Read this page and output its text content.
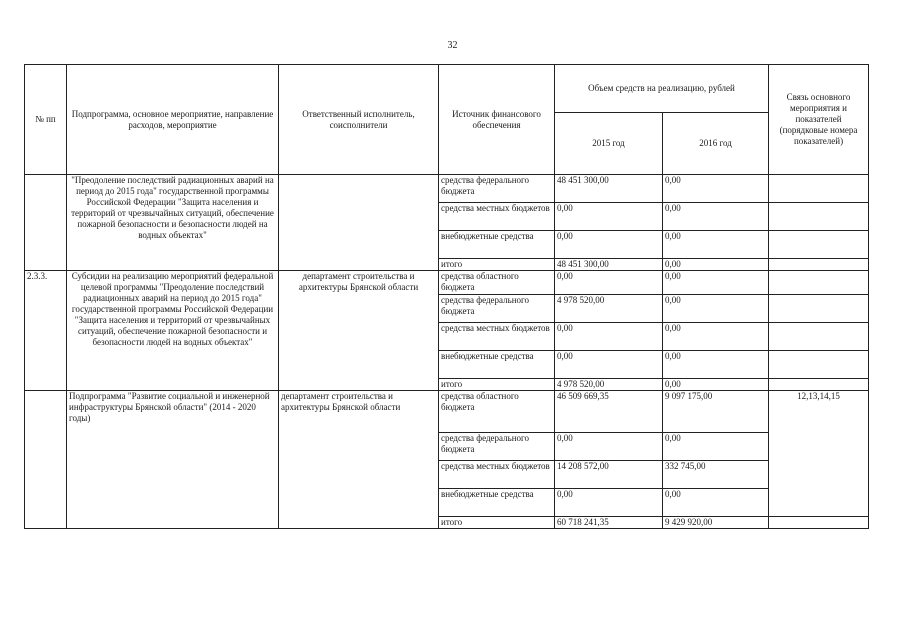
32
№ пп	Подпрограмма, основное мероприятие, направление расходов, мероприятие	Ответственный исполнитель, соисполнители	Источник финансового обеспечения	Объем средств на реализацию, рублей		Связь основного мероприятия и показателей (порядковые номера показателей)
				2015 год	2016 год	
	"Преодоление последствий радиационных аварий на период до 2015 года" государственной программы Российской Федерации "Защита населения и территорий от чрезвычайных ситуаций, обеспечение пожарной безопасности и безопасности людей на водных объектах"		средства федерального бюджета	48 451 300,00	0,00	
			средства местных бюджетов	0,00	0,00	
			внебюджетные средства	0,00	0,00	
			итого	48 451 300,00	0,00	
2.3.3.	Субсидии на реализацию мероприятий федеральной целевой программы "Преодоление последствий радиационных аварий на период до 2015 года" государственной программы Российской Федерации "Защита населения и территорий от чрезвычайных ситуаций, обеспечение пожарной безопасности и безопасности людей на водных объектах"	департамент строительства и архитектуры Брянской области	средства областного бюджета	0,00	0,00	
			средства федерального бюджета	4 978 520,00	0,00	
			средства местных бюджетов	0,00	0,00	
			внебюджетные средства	0,00	0,00	
			итого	4 978 520,00	0,00	
	Подпрограмма "Развитие социальной и инженерной инфраструктуры Брянской области" (2014 - 2020 годы)	департамент строительства и архитектуры Брянской области	средства областного бюджета	46 509 669,35	9 097 175,00	12,13,14,15
			средства федерального бюджета	0,00	0,00	
			средства местных бюджетов	14 208 572,00	332 745,00	
			внебюджетные средства	0,00	0,00	
			итого	60 718 241,35	9 429 920,00	
